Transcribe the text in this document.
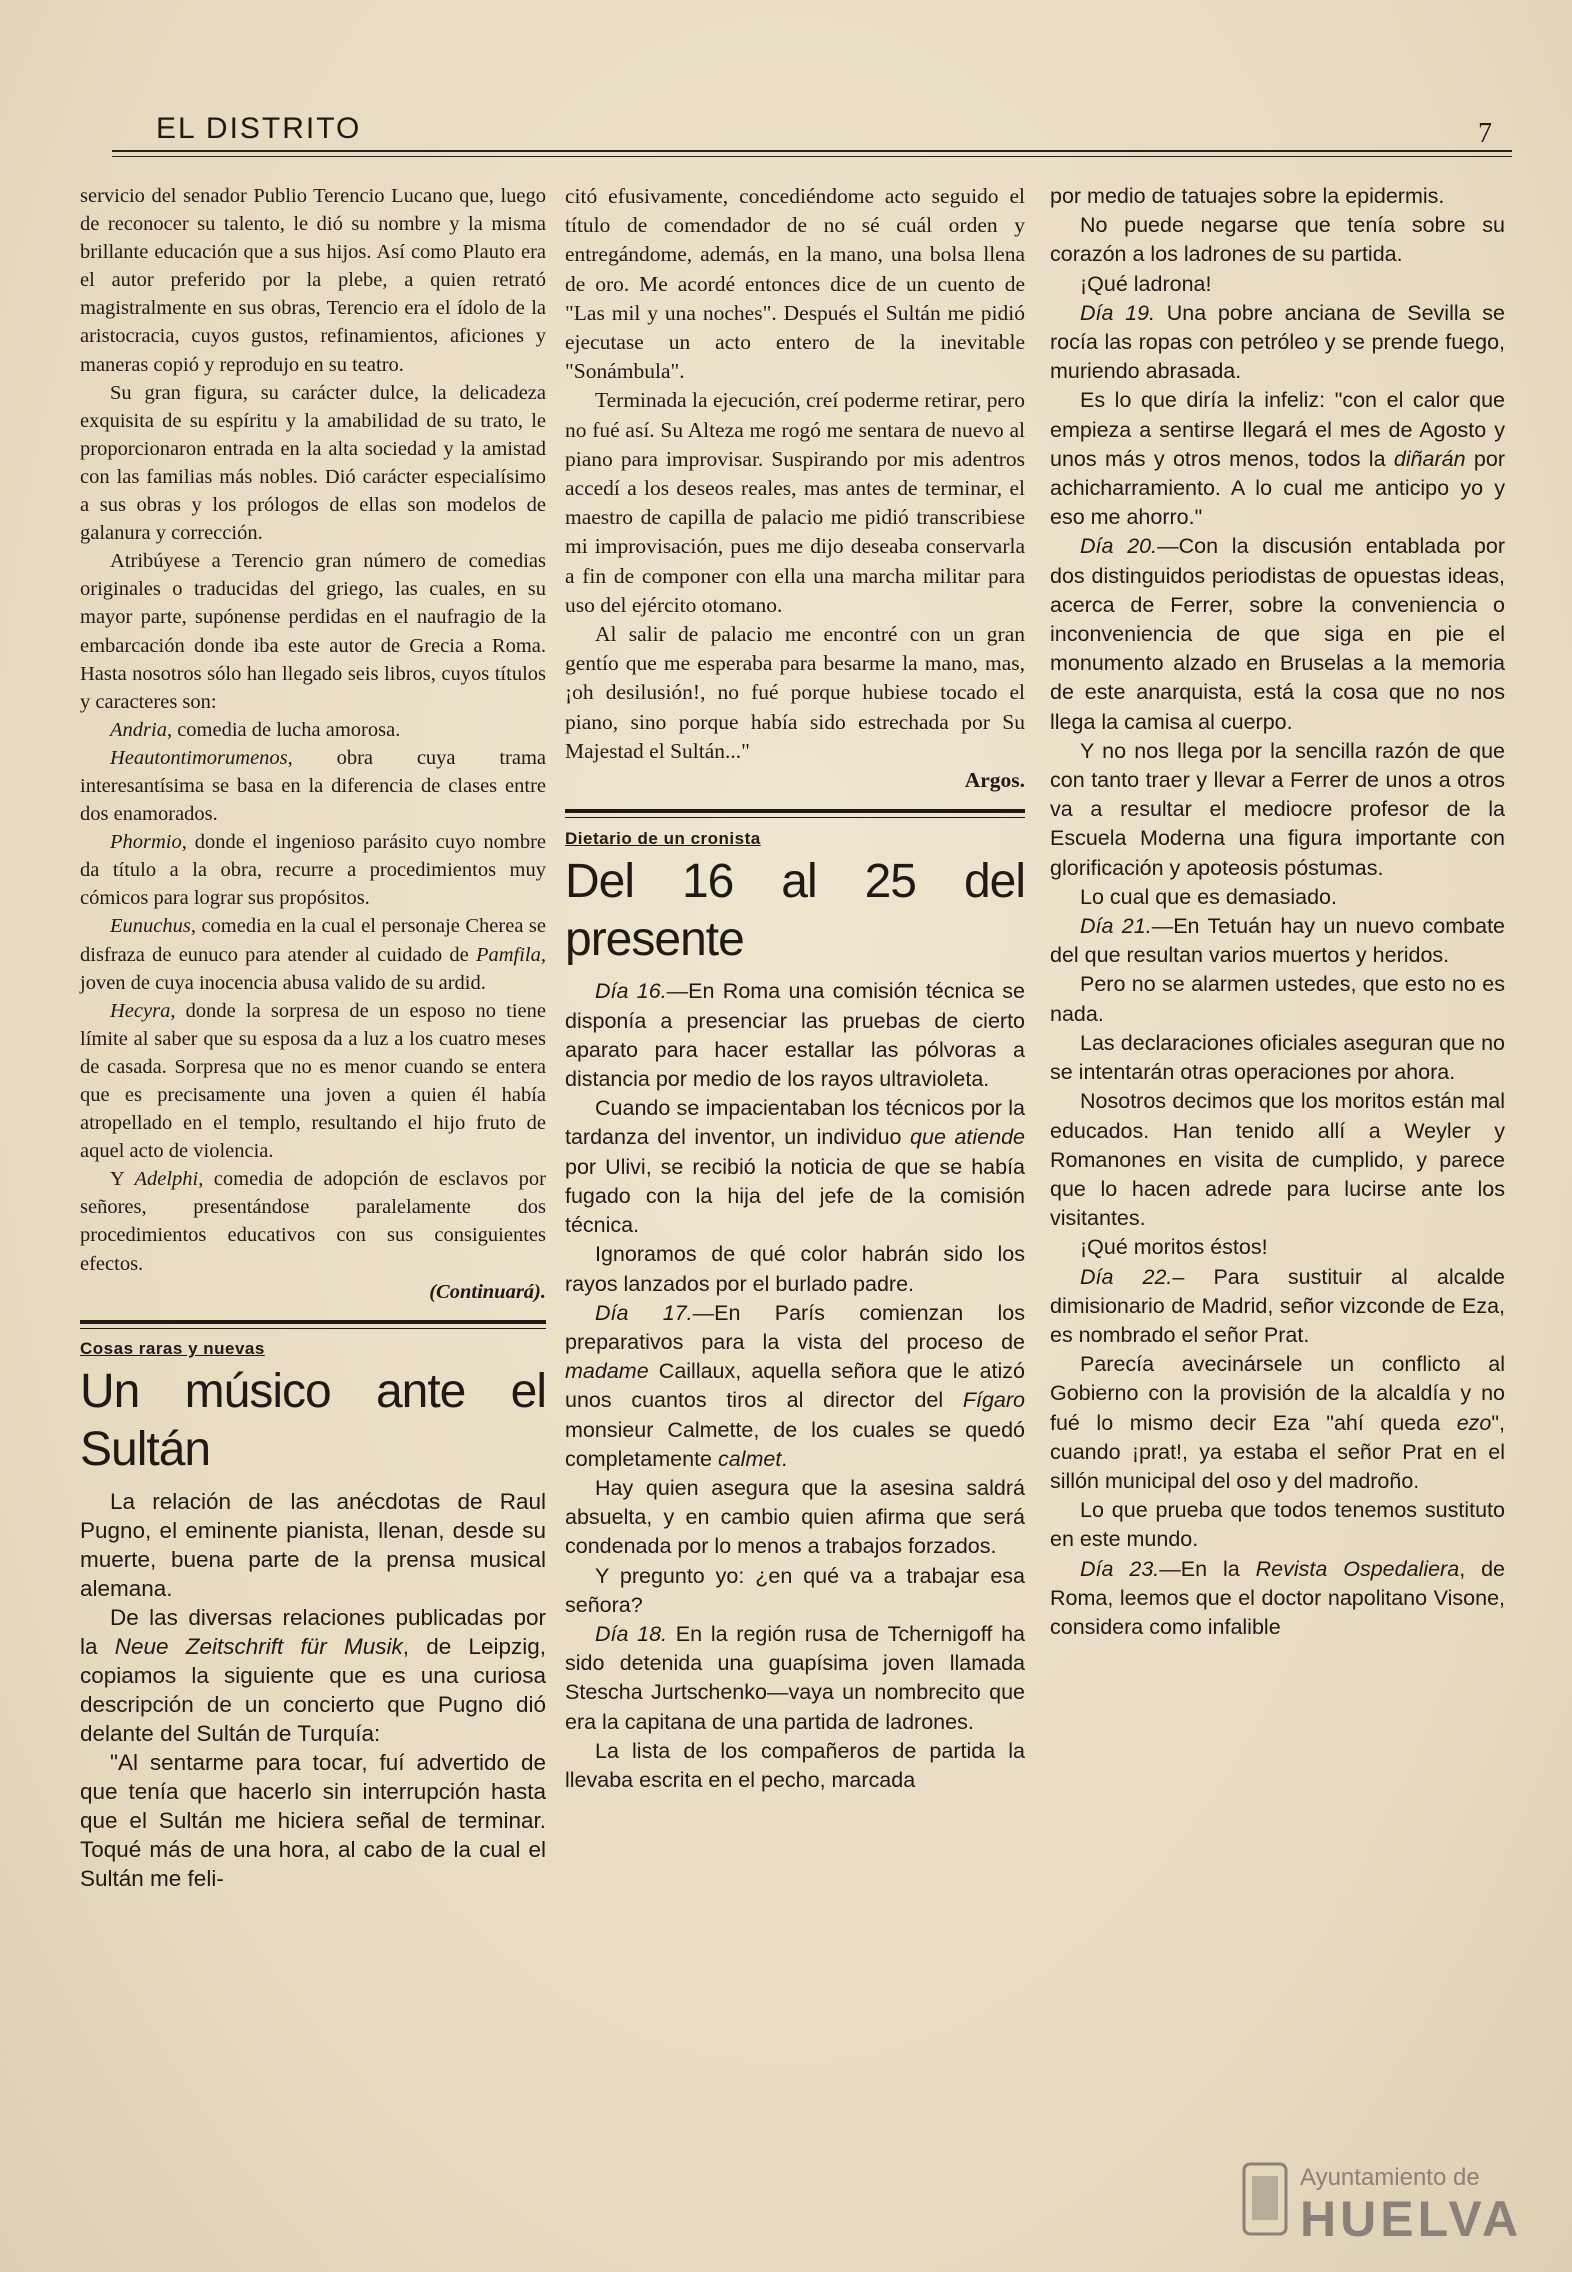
EL DISTRITO	7

servicio del senador Publio Terencio Lucano que, luego de reconocer su talento, le dió su nombre y la misma brillante educación que a sus hijos. Así como Plauto era el autor preferido por la plebe, a quien retrató magistralmente en sus obras, Terencio era el ídolo de la aristocracia, cuyos gustos, refinamientos, aficiones y maneras copió y reprodujo en su teatro.

Su gran figura, su carácter dulce, la delicadeza exquisita de su espíritu y la amabilidad de su trato, le proporcionaron entrada en la alta sociedad y la amistad con las familias más nobles. Dió carácter especialísimo a sus obras y los prólogos de ellas son modelos de galanura y corrección.

Atribúyese a Terencio gran número de comedias originales o traducidas del griego, las cuales, en su mayor parte, supónense perdidas en el naufragio de la embarcación donde iba este autor de Grecia a Roma. Hasta nosotros sólo han llegado seis libros, cuyos títulos y caracteres son:

Andria, comedia de lucha amorosa.

Heautontimorumenos, obra cuya trama interesantísima se basa en la diferencia de clases entre dos enamorados.

Phormio, donde el ingenioso parásito cuyo nombre da título a la obra, recurre a procedimientos muy cómicos para lograr sus propósitos.

Eunuchus, comedia en la cual el personaje Cherea se disfraza de eunuco para atender al cuidado de Pamfila, joven de cuya inocencia abusa valido de su ardid.

Hecyra, donde la sorpresa de un esposo no tiene límite al saber que su esposa da a luz a los cuatro meses de casada. Sorpresa que no es menor cuando se entera que es precisamente una joven a quien él había atropellado en el templo, resultando el hijo fruto de aquel acto de violencia.

Y Adelphi, comedia de adopción de esclavos por señores, presentándose paralelamente dos procedimientos educativos con sus consiguientes efectos.

(Continuará).

Cosas raras y nuevas
Un músico ante el Sultán

La relación de las anécdotas de Raul Pugno, el eminente pianista, llenan, desde su muerte, buena parte de la prensa musical alemana.

De las diversas relaciones publicadas por la Neue Zeitschrift für Musik, de Leipzig, copiamos la siguiente que es una curiosa descripción de un concierto que Pugno dió delante del Sultán de Turquía:

"Al sentarme para tocar, fuí advertido de que tenía que hacerlo sin interrupción hasta que el Sultán me hiciera señal de terminar. Toqué más de una hora, al cabo de la cual el Sultán me feli-

citó efusivamente, concediéndome acto seguido el título de comendador de no sé cuál orden y entregándome, además, en la mano, una bolsa llena de oro. Me acordé entonces dice de un cuento de "Las mil y una noches". Después el Sultán me pidió ejecutase un acto entero de la inevitable "Sonámbula".

Terminada la ejecución, creí poderme retirar, pero no fué así. Su Alteza me rogó me sentara de nuevo al piano para improvisar. Suspirando por mis adentros accedí a los deseos reales, mas antes de terminar, el maestro de capilla de palacio me pidió transcribiese mi improvisación, pues me dijo deseaba conservarla a fin de componer con ella una marcha militar para uso del ejército otomano.

Al salir de palacio me encontré con un gran gentío que me esperaba para besarme la mano, mas, ¡oh desilusión!, no fué porque hubiese tocado el piano, sino porque había sido estrechada por Su Majestad el Sultán..."

Argos.

Dietario de un cronista
Del 16 al 25 del presente

Día 16.—En Roma una comisión técnica se disponía a presenciar las pruebas de cierto aparato para hacer estallar las pólvoras a distancia por medio de los rayos ultravioleta.

Cuando se impacientaban los técnicos por la tardanza del inventor, un individuo que atiende por Ulivi, se recibió la noticia de que se había fugado con la hija del jefe de la comisión técnica.

Ignoramos de qué color habrán sido los rayos lanzados por el burlado padre.

Día 17.—En París comienzan los preparativos para la vista del proceso de madame Caillaux, aquella señora que le atizó unos cuantos tiros al director del Fígaro monsieur Calmette, de los cuales se quedó completamente calmet.

Hay quien asegura que la asesina saldrá absuelta, y en cambio quien afirma que será condenada por lo menos a trabajos forzados.

Y pregunto yo: ¿en qué va a trabajar esa señora?

Día 18. En la región rusa de Tchernigoff ha sido detenida una guapísima joven llamada Stescha Jurtschenko—vaya un nombrecito que era la capitana de una partida de ladrones.

La lista de los compañeros de partida la llevaba escrita en el pecho, marcada

por medio de tatuajes sobre la epidermis.

No puede negarse que tenía sobre su corazón a los ladrones de su partida.

¡Qué ladrona!

Día 19. Una pobre anciana de Sevilla se rocía las ropas con petróleo y se prende fuego, muriendo abrasada.

Es lo que diría la infeliz: "con el calor que empieza a sentirse llegará el mes de Agosto y unos más y otros menos, todos la diñarán por achicharramiento. A lo cual me anticipo yo y eso me ahorro."

Día 20.—Con la discusión entablada por dos distinguidos periodistas de opuestas ideas, acerca de Ferrer, sobre la conveniencia o inconveniencia de que siga en pie el monumento alzado en Bruselas a la memoria de este anarquista, está la cosa que no nos llega la camisa al cuerpo.

Y no nos llega por la sencilla razón de que con tanto traer y llevar a Ferrer de unos a otros va a resultar el mediocre profesor de la Escuela Moderna una figura importante con glorificación y apoteosis póstumas.

Lo cual que es demasiado.

Día 21.—En Tetuán hay un nuevo combate del que resultan varios muertos y heridos.

Pero no se alarmen ustedes, que esto no es nada.

Las declaraciones oficiales aseguran que no se intentarán otras operaciones por ahora.

Nosotros decimos que los moritos están mal educados. Han tenido allí a Weyler y Romanones en visita de cumplido, y parece que lo hacen adrede para lucirse ante los visitantes.

¡Qué moritos éstos!

Día 22.– Para sustituir al alcalde dimisionario de Madrid, señor vizconde de Eza, es nombrado el señor Prat.

Parecía avecinársele un conflicto al Gobierno con la provisión de la alcaldía y no fué lo mismo decir Eza "ahí queda ezo", cuando ¡prat!, ya estaba el señor Prat en el sillón municipal del oso y del madroño.

Lo que prueba que todos tenemos sustituto en este mundo.

Día 23.—En la Revista Ospedaliera, de Roma, leemos que el doctor napolitano Visone, considera como infalible

Ayuntamiento de
HUELVA
